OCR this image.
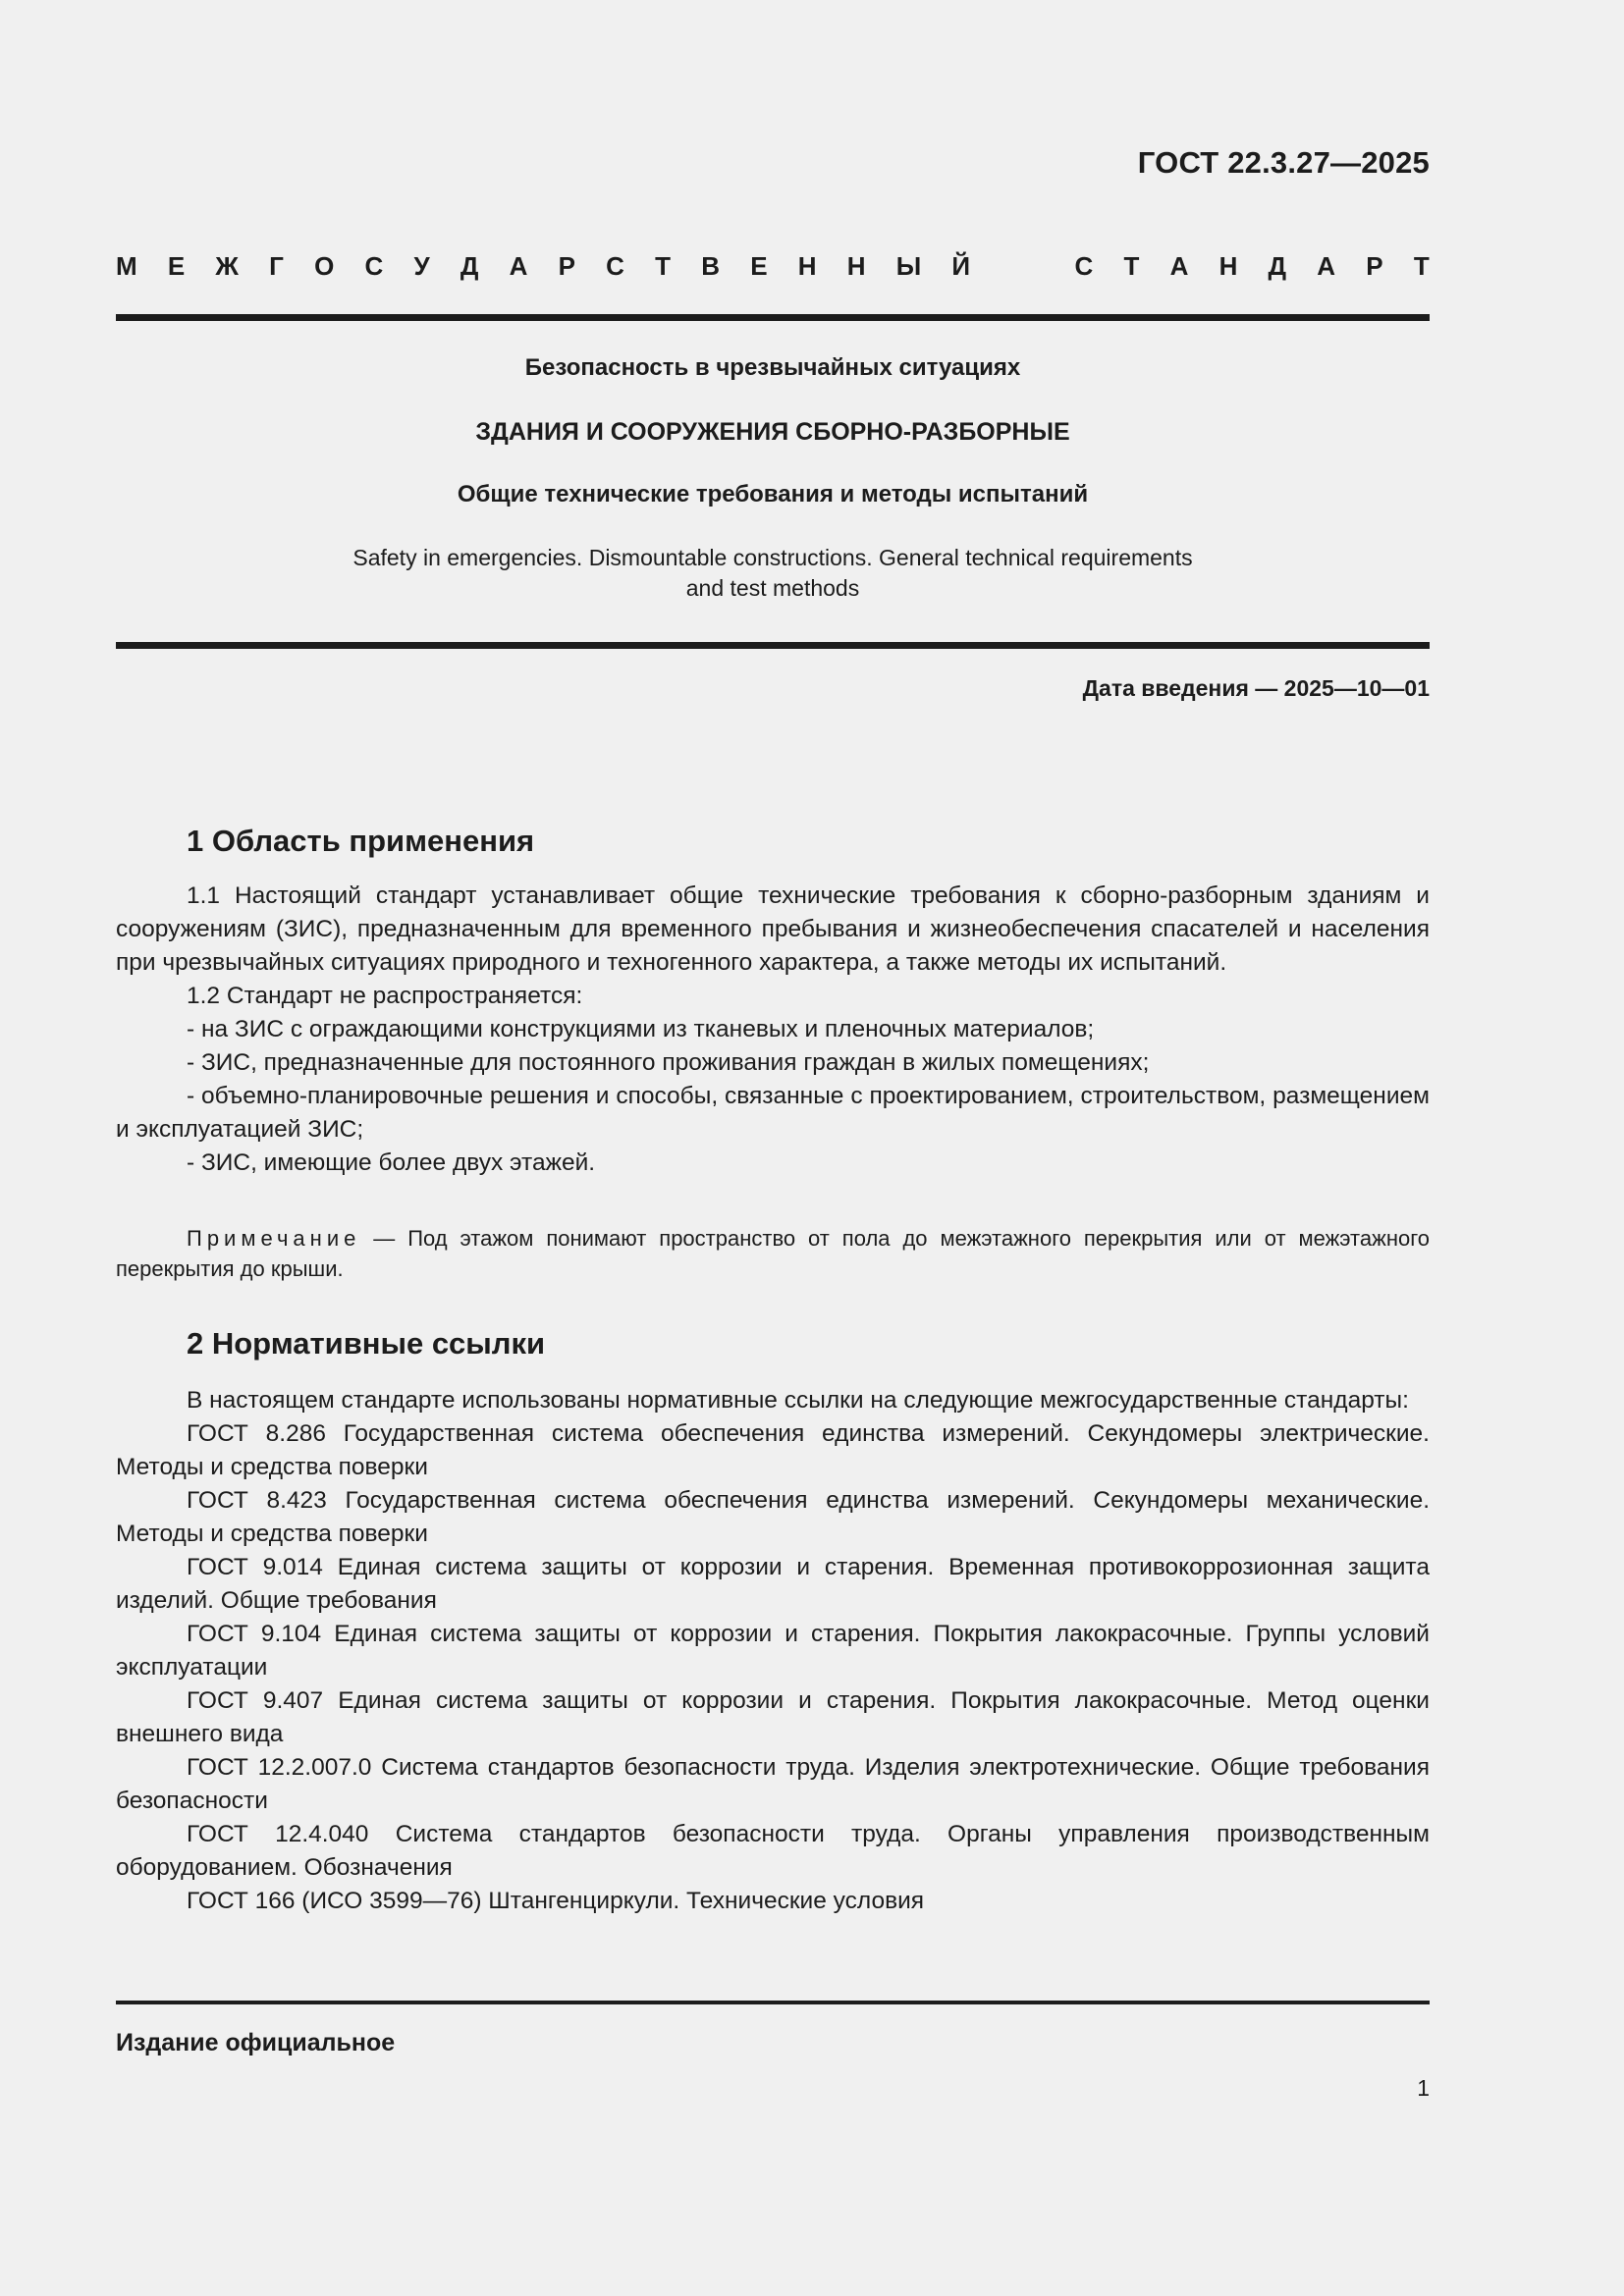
ГОСТ 22.3.27—2025
М Е Ж Г О С У Д А Р С Т В Е Н Н Ы Й	С Т А Н Д А Р Т
Безопасность в чрезвычайных ситуациях
ЗДАНИЯ И СООРУЖЕНИЯ СБОРНО-РАЗБОРНЫЕ
Общие технические требования и методы испытаний
Safety in emergencies. Dismountable constructions. General technical requirements
and test methods
Дата введения — 2025—10—01
1 Область применения

1.1 Настоящий стандарт устанавливает общие технические требования к сборно-разборным зданиям и сооружениям (ЗИС), предназначенным для временного пребывания и жизнеобеспечения спасателей и населения при чрезвычайных ситуациях природного и техногенного характера, а также методы их испытаний.

1.2 Стандарт не распространяется:

- на ЗИС с ограждающими конструкциями из тканевых и пленочных материалов;

- ЗИС, предназначенные для постоянного проживания граждан в жилых помещениях;

- объемно-планировочные решения и способы, связанные с проектированием, строительством, размещением и эксплуатацией ЗИС;

- ЗИС, имеющие более двух этажей.

Примечание — Под этажом понимают пространство от пола до межэтажного перекрытия или от межэтажного перекрытия до крыши.
2 Нормативные ссылки

В настоящем стандарте использованы нормативные ссылки на следующие межгосударственные стандарты:

ГОСТ 8.286 Государственная система обеспечения единства измерений. Секундомеры электрические. Методы и средства поверки

ГОСТ 8.423 Государственная система обеспечения единства измерений. Секундомеры механические. Методы и средства поверки

ГОСТ 9.014 Единая система защиты от коррозии и старения. Временная противокоррозионная защита изделий. Общие требования

ГОСТ 9.104 Единая система защиты от коррозии и старения. Покрытия лакокрасочные. Группы условий эксплуатации

ГОСТ 9.407 Единая система защиты от коррозии и старения. Покрытия лакокрасочные. Метод оценки внешнего вида

ГОСТ 12.2.007.0 Система стандартов безопасности труда. Изделия электротехнические. Общие требования безопасности

ГОСТ 12.4.040 Система стандартов безопасности труда. Органы управления производственным оборудованием. Обозначения

ГОСТ 166 (ИСО 3599—76) Штангенциркули. Технические условия

Издание официальное
1
